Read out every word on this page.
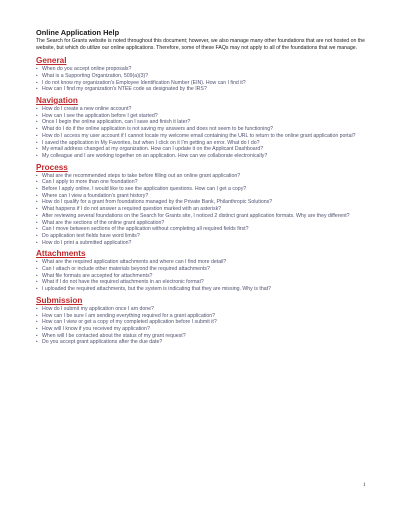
Online Application Help

The Search for Grants website is noted throughout this document; however, we also manage many other foundations that are not hosted on the website, but which do utilize our online applications. Therefore, some of these FAQs may not apply to all of the foundations that we manage.

General
• When do you accept online proposals?
• What is a Supporting Organization, 509(a)(3)?
• I do not know my organization's Employee Identification Number (EIN). How can I find it?
• How can I find my organization's NTEE code as designated by the IRS?
Navigation
• How do I create a new online account?
• How can I see the application before I get started?
• Once I begin the online application, can I save and finish it later?
• What do I do if the online application is not saving my answers and does not seem to be functioning?
• How do I access my user account if I cannot locate my welcome email containing the URL to return to the online grant application portal?
• I saved the application in My Favorites, but when I click on it I'm getting an error. What do I do?
• My email address changed at my organization. How can I update it on the Applicant Dashboard?
• My colleague and I are working together on an application. How can we collaborate electronically?
Process
• What are the recommended steps to take before filling out an online grant application?
• Can I apply to more than one foundation?
• Before I apply online, I would like to see the application questions. How can I get a copy?
• Where can I view a foundation's grant history?
• How do I qualify for a grant from foundations managed by the Private Bank, Philanthropic Solutions?
• What happens if I do not answer a required question marked with an asterisk?
• After reviewing several foundations on the Search for Grants site, I noticed 2 distinct grant application formats. Why are they different?
• What are the sections of the online grant application?
• Can I move between sections of the application without completing all required fields first?
• Do application text fields have word limits?
• How do I print a submitted application?
Attachments
• What are the required application attachments and where can I find more detail?
• Can I attach or include other materials beyond the required attachments?
• What file formats are accepted for attachments?
• What if I do not have the required attachments in an electronic format?
• I uploaded the required attachments, but the system is indicating that they are missing. Why is that?
Submission
• How do I submit my application once I am done?
• How can I be sure I am sending everything required for a grant application?
• How can I view or get a copy of my completed application before I submit it?
• How will I know if you received my application?
• When will I be contacted about the status of my grant request?
• Do you accept grant applications after the due date?
1
